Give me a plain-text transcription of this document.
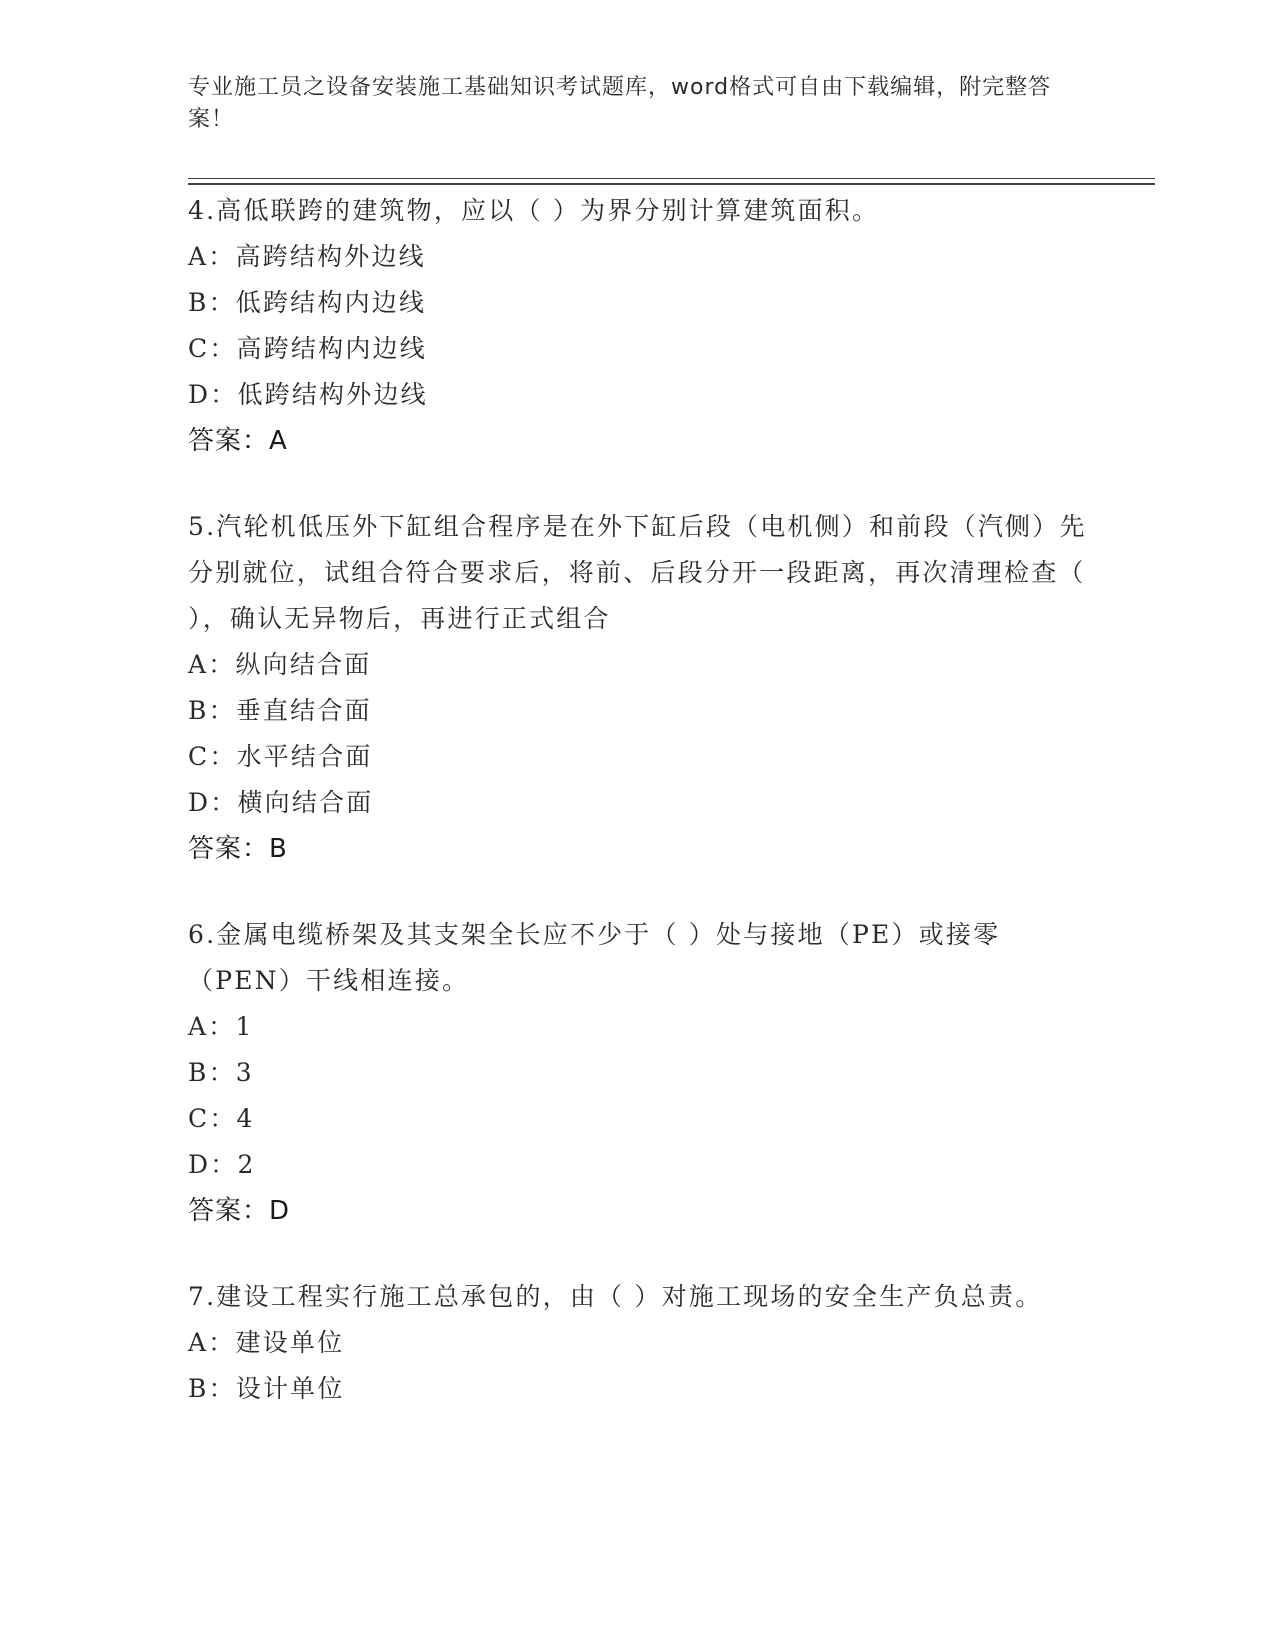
专业施工员之设备安装施工基础知识考试题库，word格式可自由下载编辑，附完整答案！

4.高低联跨的建筑物，应以（ ）为界分别计算建筑面积。

A：高跨结构外边线
B：低跨结构内边线
C：高跨结构内边线
D：低跨结构外边线
答案：A

5.汽轮机低压外下缸组合程序是在外下缸后段（电机侧）和前段（汽侧）先分别就位，试组合符合要求后，将前、后段分开一段距离，再次清理检查（ ），确认无异物后，再进行正式组合

A：纵向结合面
B：垂直结合面
C：水平结合面
D：横向结合面
答案：B

6.金属电缆桥架及其支架全长应不少于（ ）处与接地（PE）或接零（PEN）干线相连接。

A：1
B：3
C：4
D：2
答案：D

7.建设工程实行施工总承包的，由（ ）对施工现场的安全生产负总责。

A：建设单位
B：设计单位
